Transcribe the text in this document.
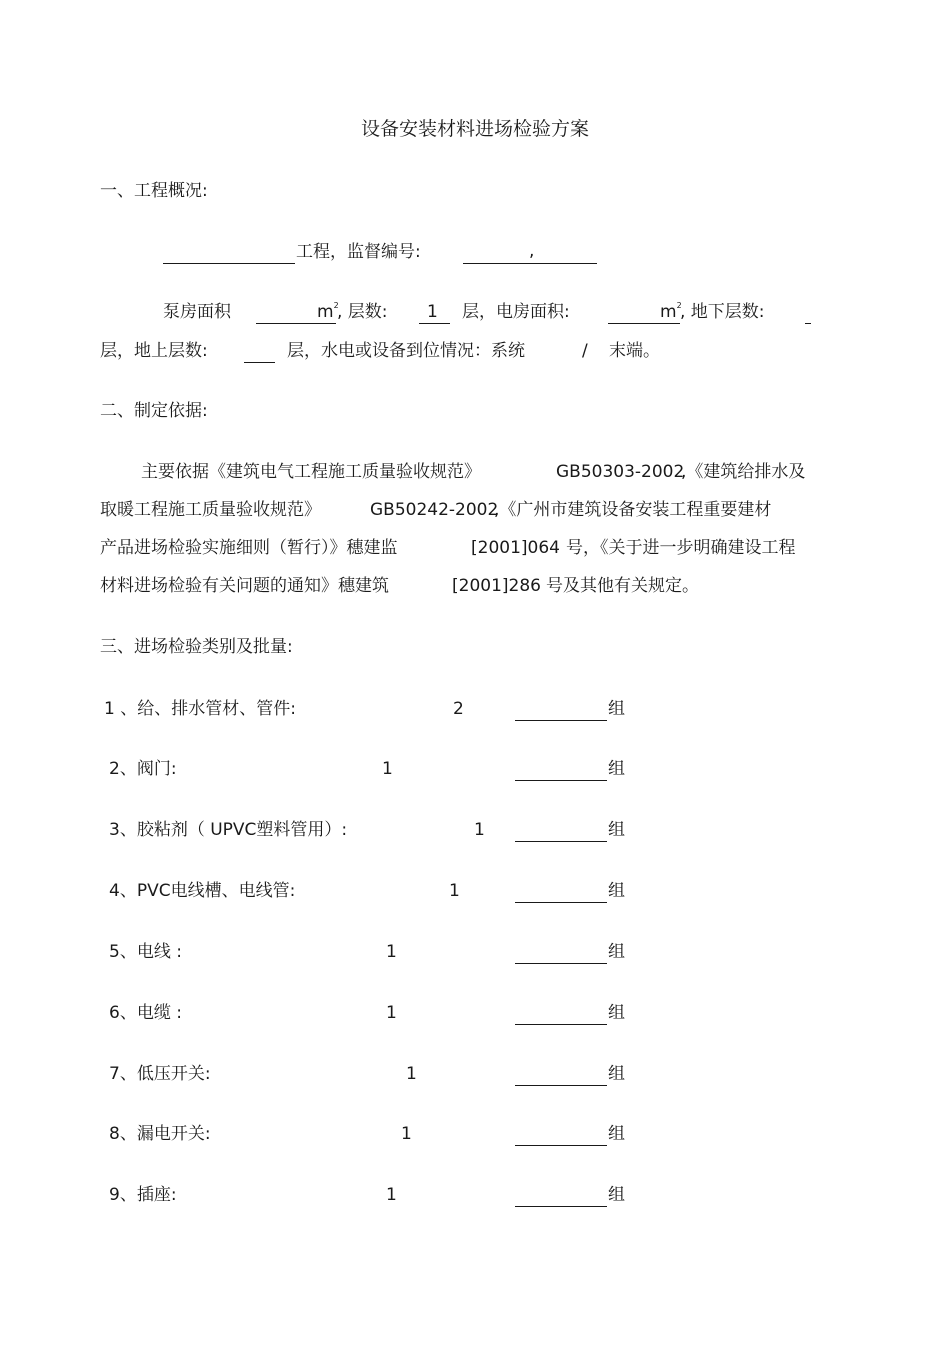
设备安装材料进场检验方案
一、工程概况:
工程，监督编号:	,
泵房面积	$m^2$
, 层数: 1 层，电房面积:	$m^2$
, 地下层数:
层，地上层数:	层，水电或设备到位情况：系统	/ 末端。
二、制定依据:
主要依据《建筑电气工程施工质量验收规范》	GB50303-2002
,《建筑给排水及
取暖工程施工质量验收规范》	GB50242-2002
,《广州市建筑设备安装工程重要建材
产品进场检验实施细则（暂行）》穗建监	[2001]064 号，《关于进一步明确建设工程
材料进场检验有关问题的通知》穗建筑	[2001]286 号及其他有关规定。
三、进场检验类别及批量:
1 、给、排水管材、管件:	2	组
2、阀门:	1	组
3、胶粘剂（ UPVC塑料管用）:	1	组
4、PVC电线槽、电线管:	1	组
5、电线 :	1	组
6、电缆 :	1	组
7、低压开关:	1	组
8、漏电开关:	1	组
9、插座:	1	组
